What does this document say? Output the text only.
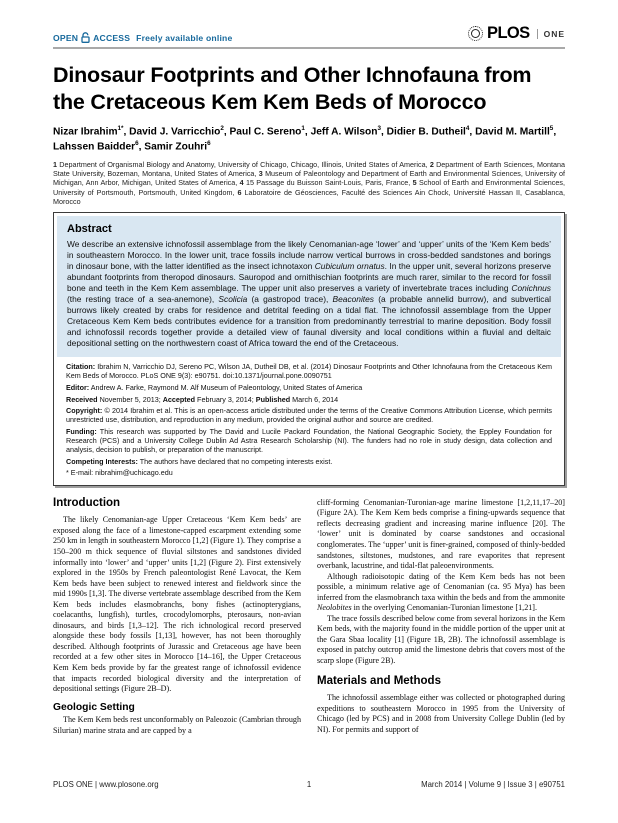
OPEN ACCESS Freely available online	PLOS	ONE
Dinosaur Footprints and Other Ichnofauna from the Cretaceous Kem Kem Beds of Morocco
Nizar Ibrahim$^{1*}$, David J. Varricchio$^2$, Paul C. Sereno$^1$, Jeff A. Wilson$^3$, Didier B. Dutheil$^4$, David M. Martill$^5$, Lahssen Baidder$^6$, Samir Zouhri$^6$
1 Department of Organismal Biology and Anatomy, University of Chicago, Chicago, Illinois, United States of America, 2 Department of Earth Sciences, Montana State University, Bozeman, Montana, United States of America, 3 Museum of Paleontology and Department of Earth and Environmental Sciences, University of Michigan, Ann Arbor, Michigan, United States of America, 4 15 Passage du Buisson Saint-Louis, Paris, France, 5 School of Earth and Environmental Sciences, University of Portsmouth, Portsmouth, United Kingdom, 6 Laboratoire de Géosciences, Faculté des Sciences Ain Chock, Université Hassan II, Casablanca, Morocco
Abstract
We describe an extensive ichnofossil assemblage from the likely Cenomanian-age ‘lower’ and ‘upper’ units of the ‘Kem Kem beds’ in southeastern Morocco. In the lower unit, trace fossils include narrow vertical burrows in cross-bedded sandstones and borings in dinosaur bone, with the latter identified as the insect ichnotaxon Cubiculum ornatus. In the upper unit, several horizons preserve abundant footprints from theropod dinosaurs. Sauropod and ornithischian footprints are much rarer, similar to the record for fossil bone and teeth in the Kem Kem assemblage. The upper unit also preserves a variety of invertebrate traces including Conichnus (the resting trace of a sea-anemone), Scolicia (a gastropod trace), Beaconites (a probable annelid burrow), and subvertical burrows likely created by crabs for residence and detrital feeding on a tidal flat. The ichnofossil assemblage from the Upper Cretaceous Kem Kem beds contributes evidence for a transition from predominantly terrestrial to marine deposition. Body fossil and ichnofossil records together provide a detailed view of faunal diversity and local conditions within a fluvial and deltaic depositional setting on the northwestern coast of Africa toward the end of the Cretaceous.

Citation: Ibrahim N, Varricchio DJ, Sereno PC, Wilson JA, Dutheil DB, et al. (2014) Dinosaur Footprints and Other Ichnofauna from the Cretaceous Kem Kem Beds of Morocco. PLoS ONE 9(3): e90751. doi:10.1371/journal.pone.0090751

Editor: Andrew A. Farke, Raymond M. Alf Museum of Paleontology, United States of America

Received November 5, 2013; Accepted February 3, 2014; Published March 6, 2014

Copyright: © 2014 Ibrahim et al. This is an open-access article distributed under the terms of the Creative Commons Attribution License, which permits unrestricted use, distribution, and reproduction in any medium, provided the original author and source are credited.

Funding: This research was supported by The David and Lucile Packard Foundation, the National Geographic Society, the Eppley Foundation for Research (PCS) and a University College Dublin Ad Astra Research Scholarship (NI). The funders had no role in study design, data collection and analysis, decision to publish, or preparation of the manuscript.

Competing Interests: The authors have declared that no competing interests exist.

* E-mail: nibrahim@uchicago.edu

Introduction

The likely Cenomanian-age Upper Cretaceous ‘Kem Kem beds’ are exposed along the face of a limestone-capped escarpment extending some 250 km in length in southeastern Morocco [1,2] (Figure 1). They comprise a 150–200 m thick sequence of fluvial siltstones and sandstones divided informally into ‘lower’ and ‘upper’ units [1,2] (Figure 2). First extensively explored in the 1950s by French paleontologist René Lavocat, the Kem Kem beds have been subject to renewed interest and fieldwork since the mid 1990s [1,3]. The diverse vertebrate assemblage described from the Kem Kem beds includes elasmobranchs, bony fishes (actinopterygians, coelacanths, lungfish), turtles, crocodylomorphs, pterosaurs, non-avian dinosaurs, and birds [1,3–12]. The rich ichnological record preserved alongside these body fossils [1,13], however, has not been thoroughly described. Although footprints of Jurassic and Cretaceous age have been recorded at a few other sites in Morocco [14–16], the Upper Cretaceous Kem Kem beds provide by far the greatest range of ichnofossil evidence that impacts recorded biological diversity and the interpretation of depositional settings (Figure 2B–D).

Geologic Setting

The Kem Kem beds rest unconformably on Paleozoic (Cambrian through Silurian) marine strata and are capped by a

cliff-forming Cenomanian-Turonian-age marine limestone [1,2,11,17–20] (Figure 2A). The Kem Kem beds comprise a fining-upwards sequence that reflects decreasing gradient and increasing marine influence [20]. The ‘lower’ unit is dominated by coarse sandstones and occasional conglomerates. The ‘upper’ unit is finer-grained, composed of thinly-bedded sandstones, siltstones, mudstones, and rare evaporites that represent overbank, lacustrine, and tidal-flat paleoenvironments.

Although radioisotopic dating of the Kem Kem beds has not been possible, a minimum relative age of Cenomanian (ca. 95 Mya) has been inferred from the elasmobranch taxa within the beds and from the ammonite Neolobites in the overlying Cenomanian-Turonian limestone [1,21].

The trace fossils described below come from several horizons in the Kem Kem beds, with the majority found in the middle portion of the upper unit at the Gara Sbaa locality [1] (Figure 1B, 2B). The ichnofossil assemblage is exposed in patchy outcrop amid the limestone debris that covers most of the scarp slope (Figure 2B).

Materials and Methods

The ichnofossil assemblage either was collected or photographed during expeditions to southeastern Morocco in 1995 from the University of Chicago (led by PCS) and in 2008 from University College Dublin (led by NI). For permits and support of

PLOS ONE | www.plosone.org	1	March 2014 | Volume 9 | Issue 3 | e90751
